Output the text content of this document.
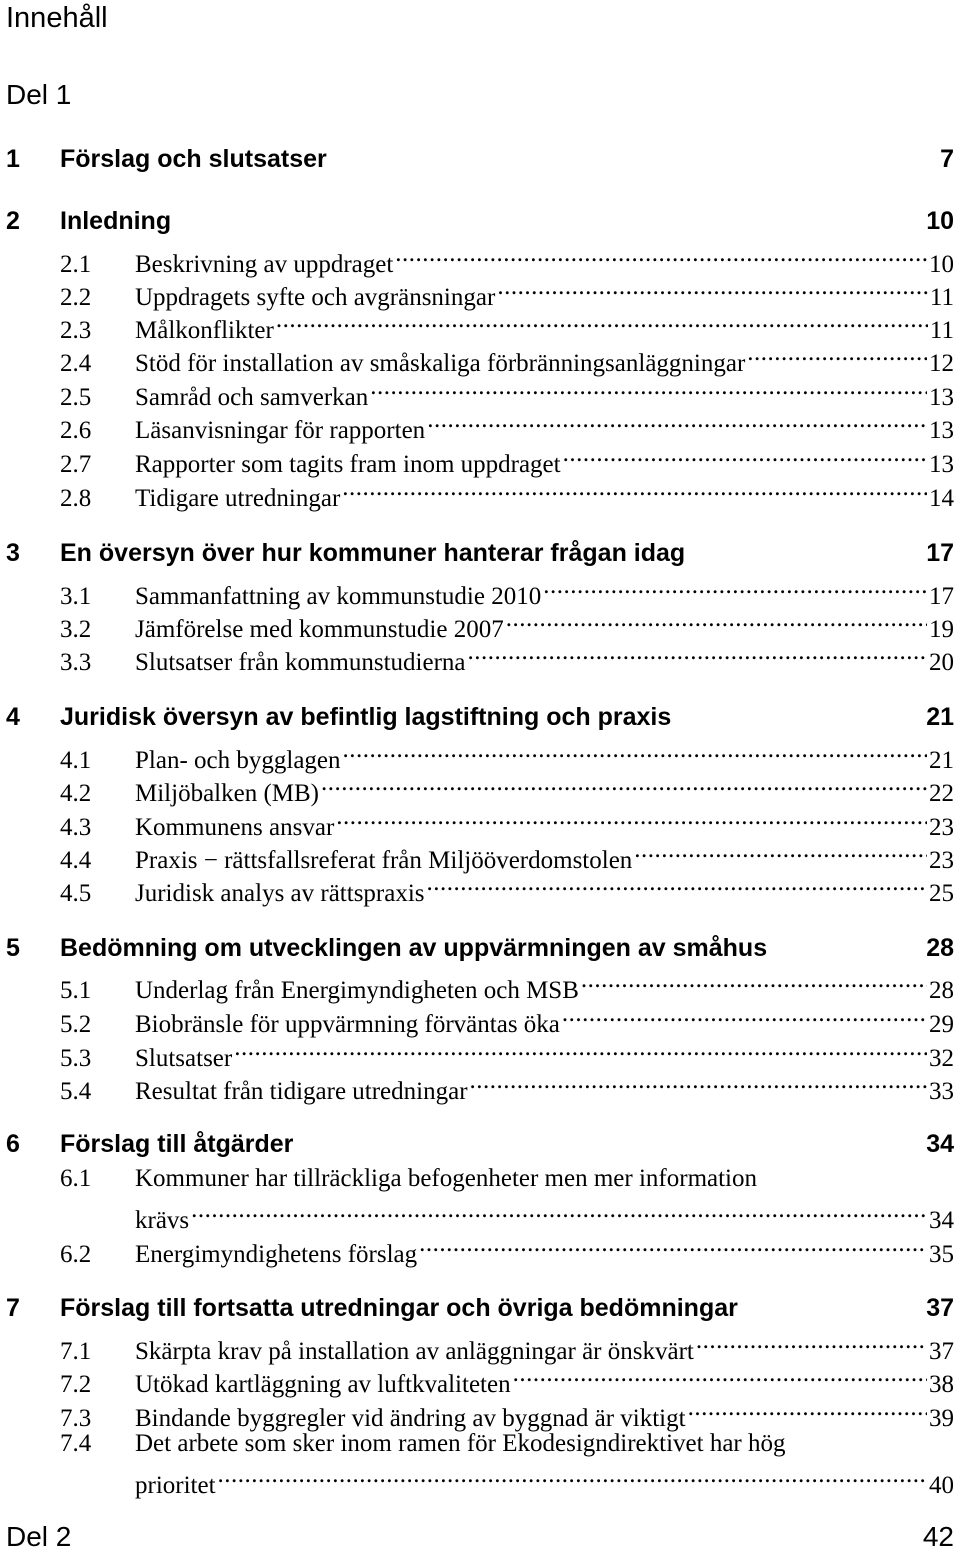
Innehåll
Del 1
1	Förslag och slutsatser	7
2	Inledning	10
2.1	Beskrivning av uppdraget .....	10
2.2	Uppdragets syfte och avgränsningar .....	11
2.3	Målkonflikter .....	11
2.4	Stöd för installation av småskaliga förbränningsanläggningar .....	12
2.5	Samråd och samverkan .....	13
2.6	Läsanvisningar för rapporten .....	13
2.7	Rapporter som tagits fram inom uppdraget .....	13
2.8	Tidigare utredningar .....	14
3	En översyn över hur kommuner hanterar frågan idag	17
3.1	Sammanfattning av kommunstudie 2010 .....	17
3.2	Jämförelse med kommunstudie 2007 .....	19
3.3	Slutsatser från kommunstudierna .....	20
4	Juridisk översyn av befintlig lagstiftning och praxis	21
4.1	Plan- och bygglagen .....	21
4.2	Miljöbalken (MB) .....	22
4.3	Kommunens ansvar .....	23
4.4	Praxis − rättsfallsreferat från Miljööverdomstolen .....	23
4.5	Juridisk analys av rättspraxis .....	25
5	Bedömning om utvecklingen av uppvärmningen av småhus	28
5.1	Underlag från Energimyndigheten och MSB .....	28
5.2	Biobränsle för uppvärmning förväntas öka .....	29
5.3	Slutsatser .....	32
5.4	Resultat från tidigare utredningar .....	33
6	Förslag till åtgärder	34
6.1	Kommuner har tillräckliga befogenheter men mer information
krävs .....	34
6.2	Energimyndighetens förslag .....	35
7	Förslag till fortsatta utredningar och övriga bedömningar	37
7.1	Skärpta krav på installation av anläggningar är önskvärt .....	37
7.2	Utökad kartläggning av luftkvaliteten .....	38
7.3	Bindande byggregler vid ändring av byggnad är viktigt .....	39
7.4	Det arbete som sker inom ramen för Ekodesigndirektivet har hög
prioritet .....	40
Del 2	42
